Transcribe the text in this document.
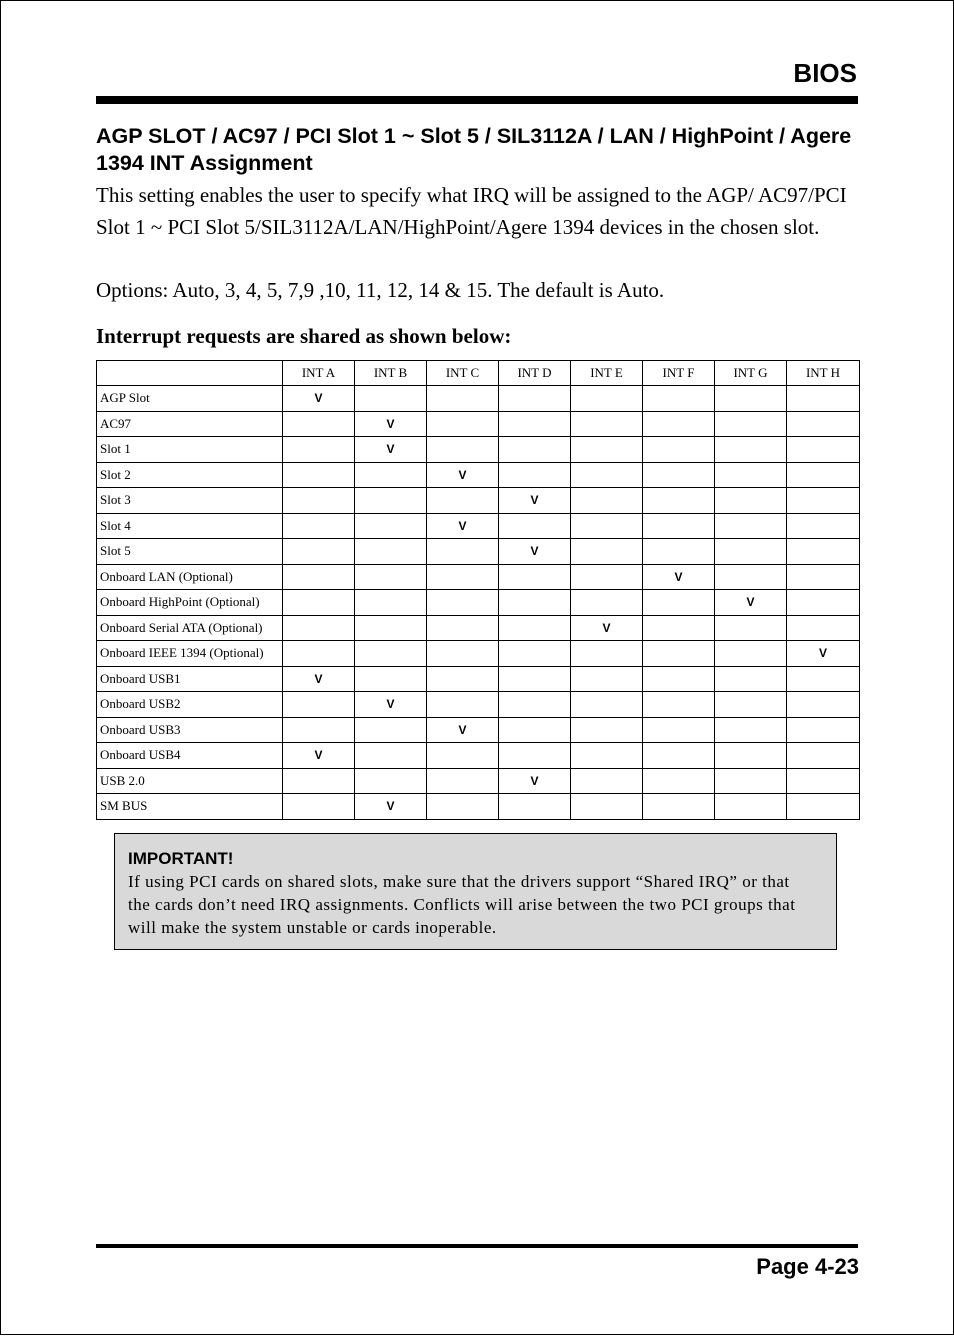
BIOS
AGP SLOT / AC97 / PCI Slot 1 ~ Slot 5 / SIL3112A / LAN / HighPoint / Agere 1394 INT Assignment

This setting enables the user to specify what IRQ will be assigned to the AGP/ AC97/PCI Slot 1 ~ PCI Slot 5/SIL3112A/LAN/HighPoint/Agere 1394 devices in the chosen slot.

Options: Auto, 3, 4, 5, 7,9 ,10, 11, 12, 14 & 15. The default is Auto.

Interrupt requests are shared as shown below:

	INT A	INT B	INT C	INT D	INT E	INT F	INT G	INT H
AGP Slot	V							
AC97		V						
Slot 1		V						
Slot 2			V					
Slot 3				V				
Slot 4			V					
Slot 5				V				
Onboard LAN (Optional)						V		
Onboard HighPoint (Optional)							V	
Onboard Serial ATA (Optional)					V			
Onboard IEEE 1394 (Optional)								V
Onboard USB1	V							
Onboard USB2		V						
Onboard USB3			V					
Onboard USB4	V							
USB 2.0				V				
SM BUS		V						

IMPORTANT!

If using PCI cards on shared slots, make sure that the drivers support “Shared IRQ” or that the cards don’t need IRQ assignments. Conflicts will arise between the two PCI groups that will make the system unstable or cards inoperable.

Page 4-23
